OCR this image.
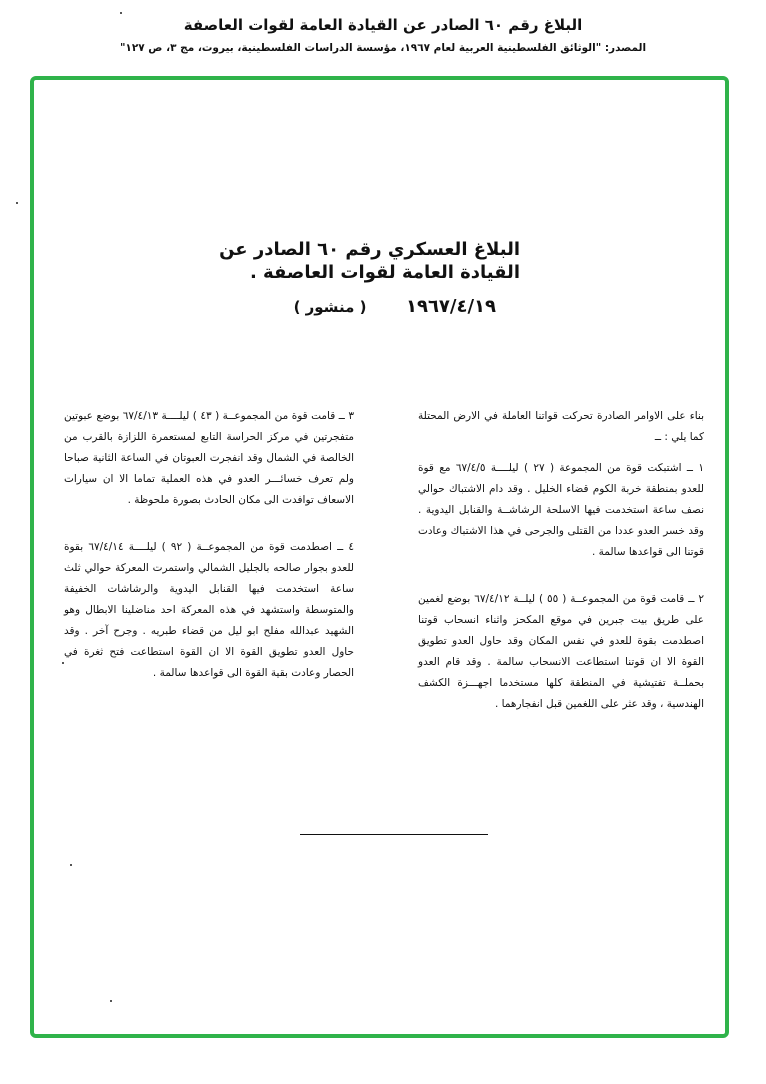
البلاغ رقم ٦٠ الصادر عن القيادة العامة لقوات العاصفة
المصدر: "الوثائق الفلسطينية العربية لعام ١٩٦٧، مؤسسة الدراسات الفلسطينية، بيروت، مج ٣، ص ١٢٧"
البلاغ العسكري رقم ٦٠ الصادر عن
القيادة العامة لقوات العاصفة .
١٩٦٧/٤/١٩
( منشور )

بناء على الاوامر الصادرة تحركت قواتنا العاملة في الارض المحتلة كما يلي : ــ

١ ــ اشتبكت قوة من المجموعة ( ٢٧ ) ليلــــة ٦٧/٤/٥ مع قوة للعدو بمنطقة خربة الكوم قضاء الخليل . وقد دام الاشتباك حوالي نصف ساعة استخدمت فيها الاسلحة الرشاشــة والقنابل اليدوية . وقد خسر العدو عددا من القتلى والجرحى في هذا الاشتباك وعادت قوتنا الى قواعدها سالمة .

٢ ــ قامت قوة من المجموعــة ( ٥٥ ) ليلــة ٦٧/٤/١٢ بوضع لغمين على طريق بيت جبرين في موقع المكحز واثناء انسحاب قوتنا اصطدمت بقوة للعدو في نفس المكان وقد حاول العدو تطويق القوة الا ان قوتنا استطاعت الانسحاب سالمة . وقد قام العدو بحملــة تفتيشية في المنطقة كلها مستخدما اجهـــزة الكشف الهندسية ، وقد عثر على اللغمين قبل انفجارهما .

٣ ــ قامت قوة من المجموعــة ( ٤٣ ) ليلــــة ٦٧/٤/١٣ بوضع عبوتين متفجرتين في مركز الحراسة التابع لمستعمرة اللزازة بالقرب من الخالصة في الشمال وقد انفجرت العبوتان في الساعة الثانية صباحا ولم تعرف خسائـــر العدو في هذه العملية تماما الا ان سيارات الاسعاف توافدت الى مكان الحادث بصورة ملحوظة .

٤ ــ اصطدمت قوة من المجموعــة ( ٩٢ ) ليلــــة ٦٧/٤/١٤ بقوة للعدو بجوار صالحه بالجليل الشمالي واستمرت المعركة حوالي ثلث ساعة استخدمت فيها القنابل اليدوية والرشاشات الخفيفة والمتوسطة واستشهد في هذه المعركة احد مناضلينا الابطال وهو الشهيد عبدالله مفلح ابو ليل من قضاء طبريه . وجرح آخر . وقد حاول العدو تطويق القوة الا ان القوة استطاعت فتح ثغرة في الحصار وعادت بقية القوة الى قواعدها سالمة .
